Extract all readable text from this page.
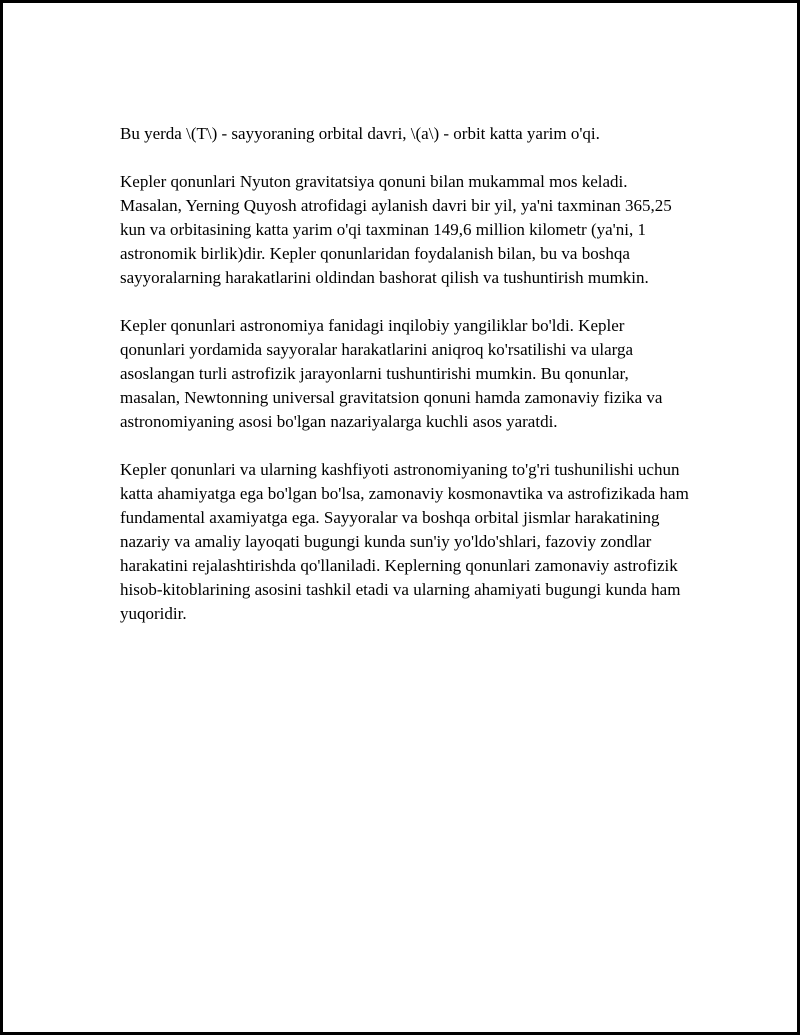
Bu yerda \(T\) - sayyoraning orbital davri, \(a\) - orbit katta yarim o'qi.

Kepler qonunlari Nyuton gravitatsiya qonuni bilan mukammal mos keladi. Masalan, Yerning Quyosh atrofidagi aylanish davri bir yil, ya'ni taxminan 365,25 kun va orbitasining katta yarim o'qi taxminan 149,6 million kilometr (ya'ni, 1 astronomik birlik)dir. Kepler qonunlaridan foydalanish bilan, bu va boshqa sayyoralarning harakatlarini oldindan bashorat qilish va tushuntirish mumkin.

Kepler qonunlari astronomiya fanidagi inqilobiy yangiliklar bo'ldi. Kepler qonunlari yordamida sayyoralar harakatlarini aniqroq ko'rsatilishi va ularga asoslangan turli astrofizik jarayonlarni tushuntirishi mumkin. Bu qonunlar, masalan, Newtonning universal gravitatsion qonuni hamda zamonaviy fizika va astronomiyaning asosi bo'lgan nazariyalarga kuchli asos yaratdi.

Kepler qonunlari va ularning kashfiyoti astronomiyaning to'g'ri tushunilishi uchun katta ahamiyatga ega bo'lgan bo'lsa, zamonaviy kosmonavtika va astrofizikada ham fundamental axamiyatga ega. Sayyoralar va boshqa orbital jismlar harakatining nazariy va amaliy layoqati bugungi kunda sun'iy yo'ldo'shlari, fazoviy zondlar harakatini rejalashtirishda qo'llaniladi. Keplerning qonunlari zamonaviy astrofizik hisob-kitoblarining asosini tashkil etadi va ularning ahamiyati bugungi kunda ham yuqoridir.
